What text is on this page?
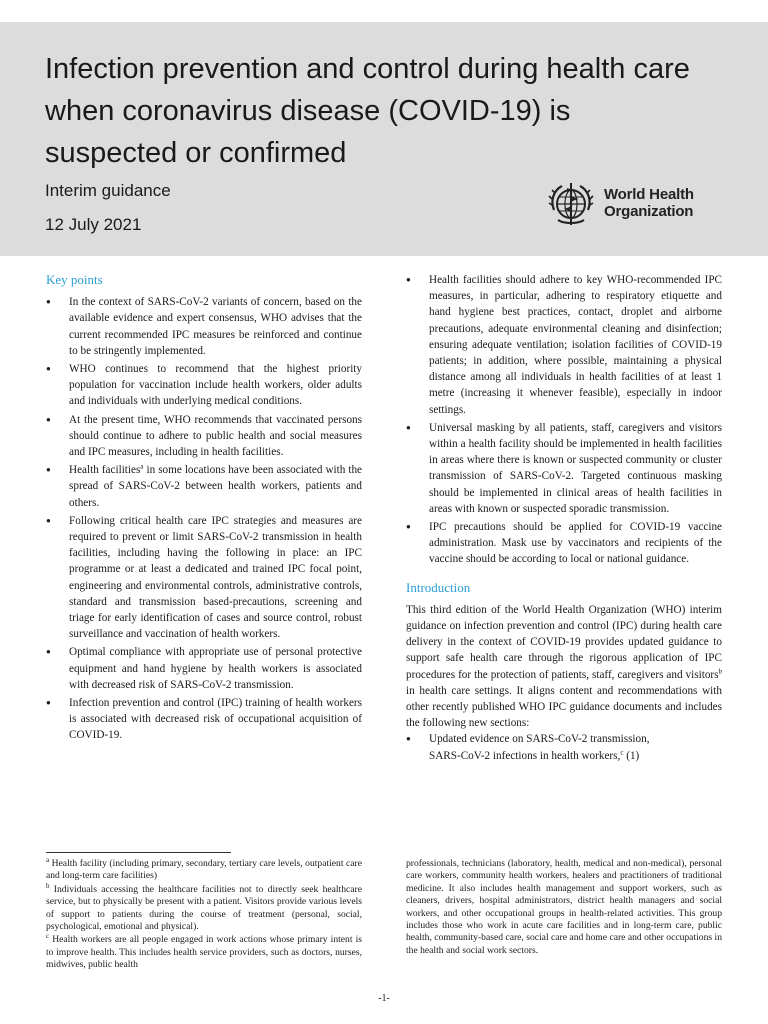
Infection prevention and control during health care when coronavirus disease (COVID-19) is suspected or confirmed

Interim guidance

12 July 2021

World Health
Organization
Key points
● In the context of SARS-CoV-2 variants of concern, based on the available evidence and expert consensus, WHO advises that the current recommended IPC measures be reinforced and continue to be stringently implemented.
● WHO continues to recommend that the highest priority population for vaccination include health workers, older adults and individuals with underlying medical conditions.
● At the present time, WHO recommends that vaccinated persons should continue to adhere to public health and social measures and IPC measures, including in health facilities.
● Health facilities$^a$ in some locations have been associated with the spread of SARS-CoV-2 between health workers, patients and others.
● Following critical health care IPC strategies and measures are required to prevent or limit SARS-CoV-2 transmission in health facilities, including having the following in place: an IPC programme or at least a dedicated and trained IPC focal point, engineering and environmental controls, administrative controls, standard and transmission based-precautions, screening and triage for early identification of cases and source control, robust surveillance and vaccination of health workers.
● Optimal compliance with appropriate use of personal protective equipment and hand hygiene by health workers is associated with decreased risk of SARS-CoV-2 transmission.
● Infection prevention and control (IPC) training of health workers is associated with decreased risk of occupational acquisition of COVID-19.
● Health facilities should adhere to key WHO-recommended IPC measures, in particular, adhering to respiratory etiquette and hand hygiene best practices, contact, droplet and airborne precautions, adequate environmental cleaning and disinfection; ensuring adequate ventilation; isolation facilities of COVID-19 patients; in addition, where possible, maintaining a physical distance among all individuals in health facilities of at least 1 metre (increasing it whenever feasible), especially in indoor settings.
● Universal masking by all patients, staff, caregivers and visitors within a health facility should be implemented in health facilities in areas where there is known or suspected community or cluster transmission of SARS-CoV-2. Targeted continuous masking should be implemented in clinical areas of health facilities in areas with known or suspected sporadic transmission.
● IPC precautions should be applied for COVID-19 vaccine administration. Mask use by vaccinators and recipients of the vaccine should be according to local or national guidance.
Introduction

This third edition of the World Health Organization (WHO) interim guidance on infection prevention and control (IPC) during health care delivery in the context of COVID-19 provides updated guidance to support safe health care through the rigorous application of IPC procedures for the protection of patients, staff, caregivers and visitors$^b$ in health care settings. It aligns content and recommendations with other recently published WHO IPC guidance documents and includes the following new sections:

● Updated evidence on SARS-CoV-2 transmission,
SARS-CoV-2 infections in health workers,$^c$ (1)

$^a$ Health facility (including primary, secondary, tertiary care levels, outpatient care and long-term care facilities)

$^b$ Individuals accessing the healthcare facilities not to directly seek healthcare service, but to physically be present with a patient. Visitors provide various levels of support to patients during the course of treatment (personal, social, psychological, emotional and physical).

$^c$ Health workers are all people engaged in work actions whose primary intent is to improve health. This includes health service providers, such as doctors, nurses, midwives, public health

professionals, technicians (laboratory, health, medical and non-medical), personal care workers, community health workers, healers and practitioners of traditional medicine. It also includes health management and support workers, such as cleaners, drivers, hospital administrators, district health managers and social workers, and other occupational groups in health-related activities. This group includes those who work in acute care facilities and in long-term care, public health, community-based care, social care and home care and other occupations in the health and social work sectors.

-1-
